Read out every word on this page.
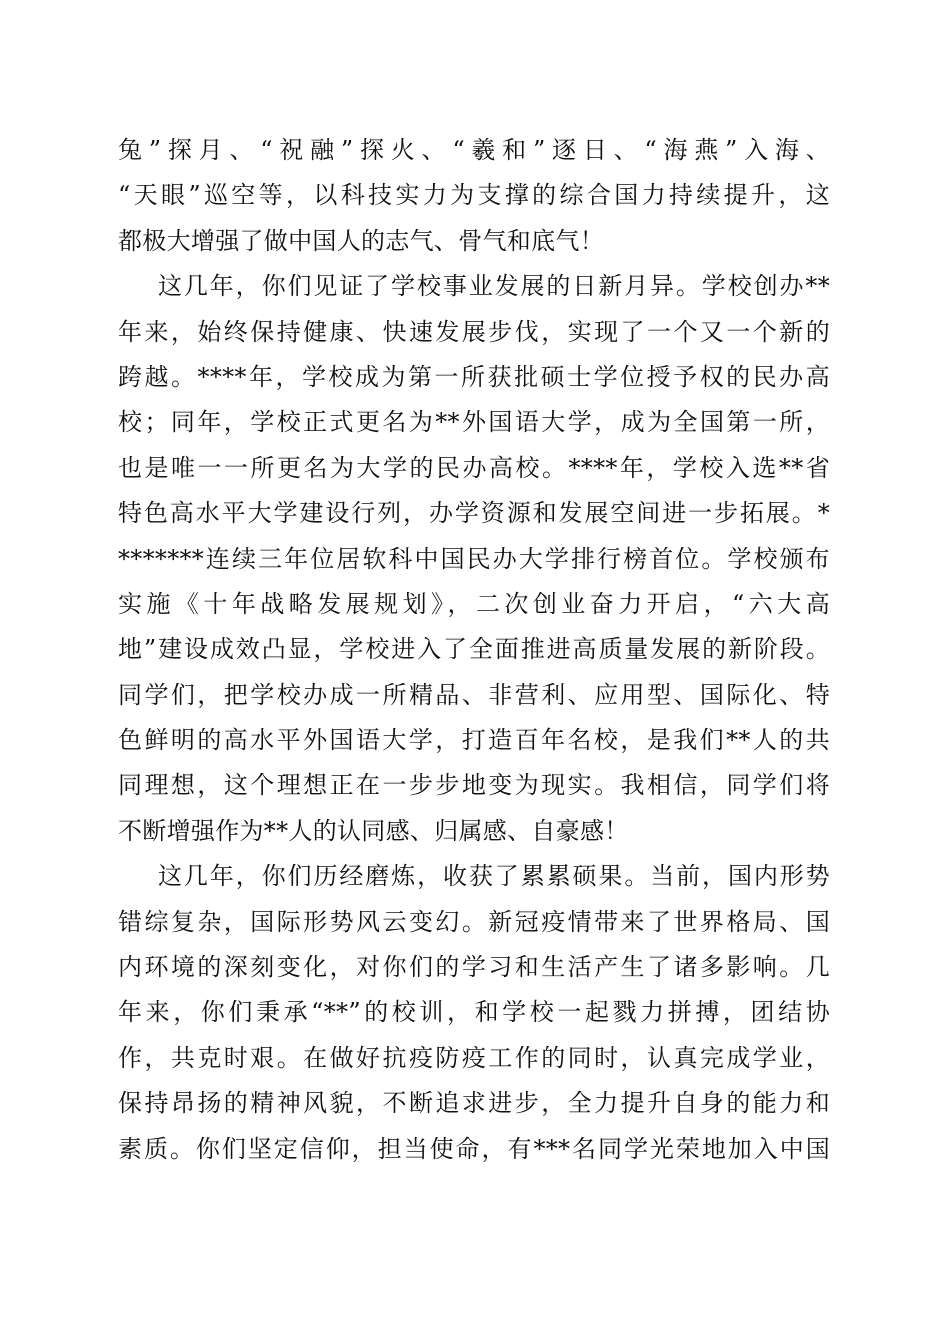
兔”探月、“祝融”探火、“羲和”逐日、“海燕”入海、
“天眼”巡空等，以科技实力为支撑的综合国力持续提升，这
都极大增强了做中国人的志气、骨气和底气！
这几年，你们见证了学校事业发展的日新月异。学校创办**
年来，始终保持健康、快速发展步伐，实现了一个又一个新的
跨越。****年，学校成为第一所获批硕士学位授予权的民办高
校；同年，学校正式更名为**外国语大学，成为全国第一所，
也是唯一一所更名为大学的民办高校。****年，学校入选**省
特色高水平大学建设行列，办学资源和发展空间进一步拓展。*
*******连续三年位居软科中国民办大学排行榜首位。学校颁布
实施《十年战略发展规划》，二次创业奋力开启，“六大高
地”建设成效凸显，学校进入了全面推进高质量发展的新阶段。
同学们，把学校办成一所精品、非营利、应用型、国际化、特
色鲜明的高水平外国语大学，打造百年名校，是我们**人的共
同理想，这个理想正在一步步地变为现实。我相信，同学们将
不断增强作为**人的认同感、归属感、自豪感！
这几年，你们历经磨炼，收获了累累硕果。当前，国内形势
错综复杂，国际形势风云变幻。新冠疫情带来了世界格局、国
内环境的深刻变化，对你们的学习和生活产生了诸多影响。几
年来，你们秉承“**”的校训，和学校一起戮力拼搏，团结协
作，共克时艰。在做好抗疫防疫工作的同时，认真完成学业，
保持昂扬的精神风貌，不断追求进步，全力提升自身的能力和
素质。你们坚定信仰，担当使命，有***名同学光荣地加入中国
